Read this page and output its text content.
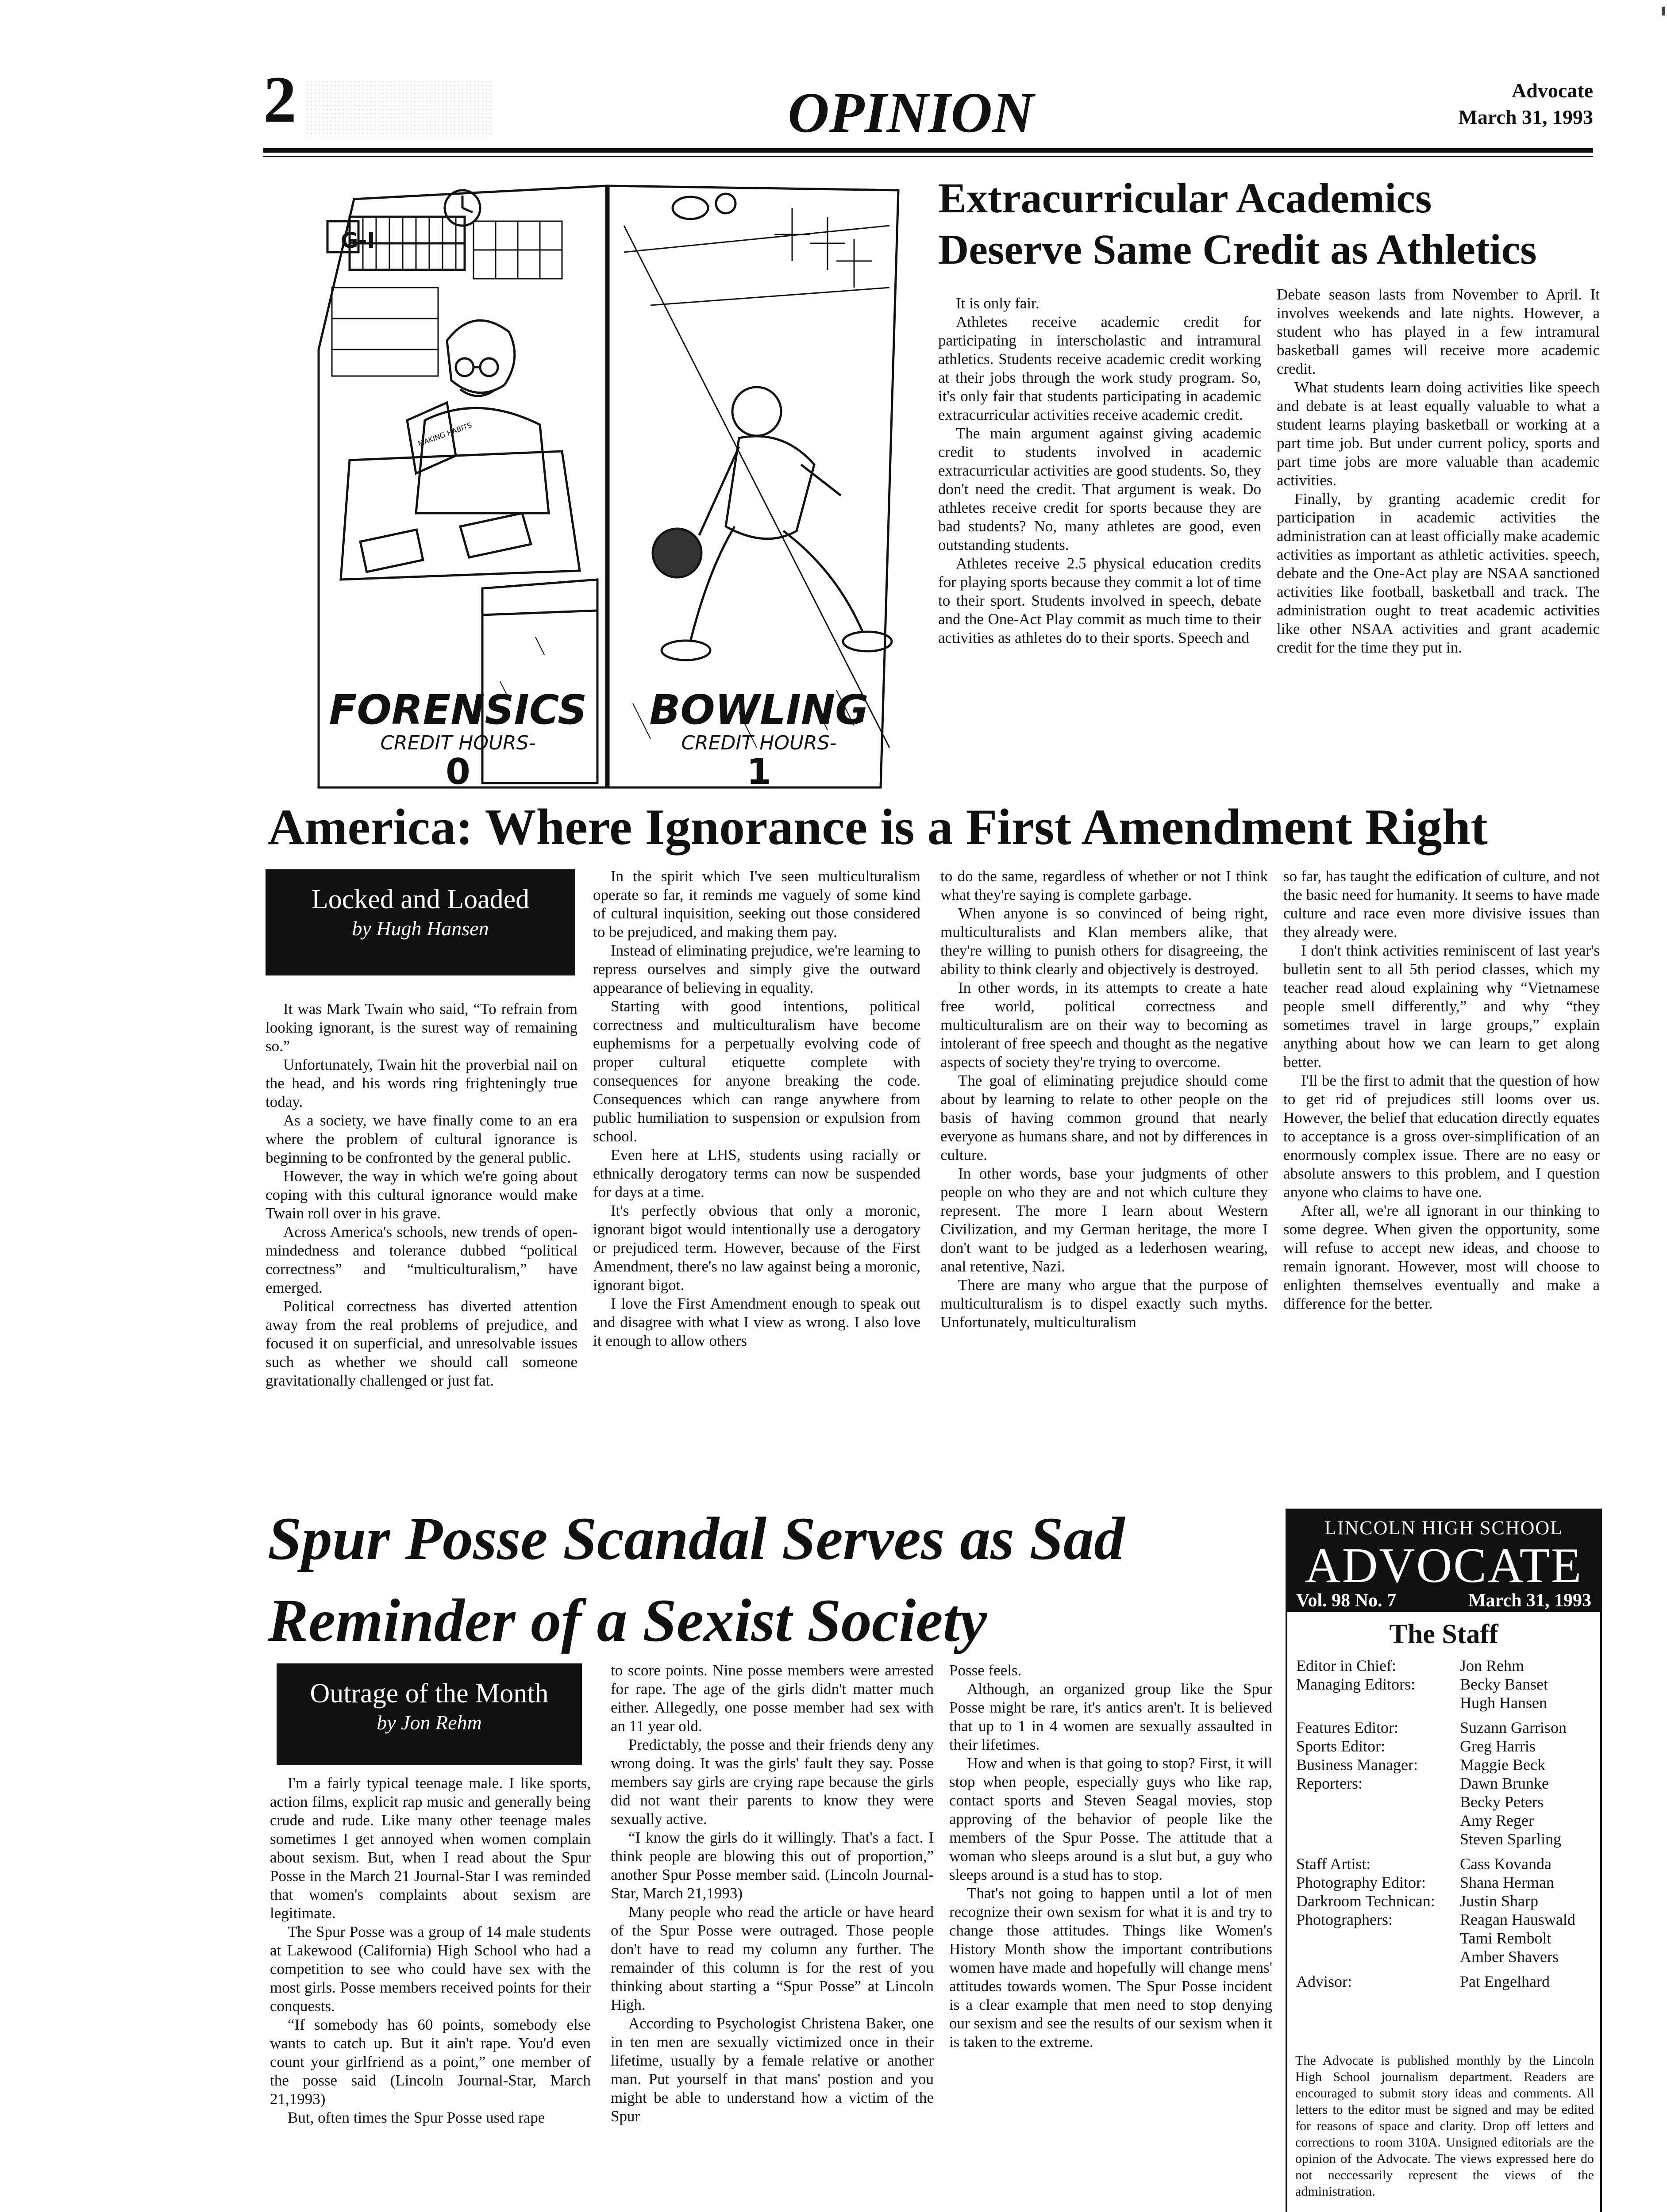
2	OPINION	Advocate
March 31, 1993
G-I
MAKING HABITS
FORENSICS
CREDIT HOURS-
0
BOWLING
CREDIT HOURS-
1
Extracurricular Academics
Deserve Same Credit as Athletics

It is only fair.

Athletes receive academic credit for participating in interscholastic and intramural athletics. Students receive academic credit working at their jobs through the work study program. So, it's only fair that students participating in academic extracurricular activities receive academic credit.

The main argument against giving academic credit to students involved in academic extracurricular activities are good students. So, they don't need the credit. That argument is weak. Do athletes receive credit for sports because they are bad students? No, many athletes are good, even outstanding students.

Athletes receive 2.5 physical education credits for playing sports because they commit a lot of time to their sport. Students involved in speech, debate and the One-Act Play commit as much time to their activities as athletes do to their sports. Speech and

Debate season lasts from November to April. It involves weekends and late nights. However, a student who has played in a few intramural basketball games will receive more academic credit.

What students learn doing activities like speech and debate is at least equally valuable to what a student learns playing basketball or working at a part time job. But under current policy, sports and part time jobs are more valuable than academic activities.

Finally, by granting academic credit for participation in academic activities the administration can at least officially make academic activities as important as athletic activities. speech, debate and the One-Act play are NSAA sanctioned activities like football, basketball and track. The administration ought to treat academic activities like other NSAA activities and grant academic credit for the time they put in.

America: Where Ignorance is a First Amendment Right
Locked and Loaded
by Hugh Hansen

It was Mark Twain who said, “To refrain from looking ignorant, is the surest way of remaining so.”

Unfortunately, Twain hit the proverbial nail on the head, and his words ring frighteningly true today.

As a society, we have finally come to an era where the problem of cultural ignorance is beginning to be confronted by the general public.

However, the way in which we're going about coping with this cultural ignorance would make Twain roll over in his grave.

Across America's schools, new trends of open-mindedness and tolerance dubbed “political correctness” and “multiculturalism,” have emerged.

Political correctness has diverted attention away from the real problems of prejudice, and focused it on superficial, and unresolvable issues such as whether we should call someone gravitationally challenged or just fat.

In the spirit which I've seen multiculturalism operate so far, it reminds me vaguely of some kind of cultural inquisition, seeking out those considered to be prejudiced, and making them pay.

Instead of eliminating prejudice, we're learning to repress ourselves and simply give the outward appearance of believing in equality.

Starting with good intentions, political correctness and multiculturalism have become euphemisms for a perpetually evolving code of proper cultural etiquette complete with consequences for anyone breaking the code. Consequences which can range anywhere from public humiliation to suspension or expulsion from school.

Even here at LHS, students using racially or ethnically derogatory terms can now be suspended for days at a time.

It's perfectly obvious that only a moronic, ignorant bigot would intentionally use a derogatory or prejudiced term. However, because of the First Amendment, there's no law against being a moronic, ignorant bigot.

I love the First Amendment enough to speak out and disagree with what I view as wrong. I also love it enough to allow others

to do the same, regardless of whether or not I think what they're saying is complete garbage.

When anyone is so convinced of being right, multiculturalists and Klan members alike, that they're willing to punish others for disagreeing, the ability to think clearly and objectively is destroyed.

In other words, in its attempts to create a hate free world, political correctness and multiculturalism are on their way to becoming as intolerant of free speech and thought as the negative aspects of society they're trying to overcome.

The goal of eliminating prejudice should come about by learning to relate to other people on the basis of having common ground that nearly everyone as humans share, and not by differences in culture.

In other words, base your judgments of other people on who they are and not which culture they represent. The more I learn about Western Civilization, and my German heritage, the more I don't want to be judged as a lederhosen wearing, anal retentive, Nazi.

There are many who argue that the purpose of multiculturalism is to dispel exactly such myths. Unfortunately, multiculturalism

so far, has taught the edification of culture, and not the basic need for humanity. It seems to have made culture and race even more divisive issues than they already were.

I don't think activities reminiscent of last year's bulletin sent to all 5th period classes, which my teacher read aloud explaining why “Vietnamese people smell differently,” and why “they sometimes travel in large groups,” explain anything about how we can learn to get along better.

I'll be the first to admit that the question of how to get rid of prejudices still looms over us. However, the belief that education directly equates to acceptance is a gross over-simplification of an enormously complex issue. There are no easy or absolute answers to this problem, and I question anyone who claims to have one.

After all, we're all ignorant in our thinking to some degree. When given the opportunity, some will refuse to accept new ideas, and choose to remain ignorant. However, most will choose to enlighten themselves eventually and make a difference for the better.

Spur Posse Scandal Serves as Sad
Reminder of a Sexist Society
Outrage of the Month
by Jon Rehm

I'm a fairly typical teenage male. I like sports, action films, explicit rap music and generally being crude and rude. Like many other teenage males sometimes I get annoyed when women complain about sexism. But, when I read about the Spur Posse in the March 21 Journal-Star I was reminded that women's complaints about sexism are legitimate.

The Spur Posse was a group of 14 male students at Lakewood (California) High School who had a competition to see who could have sex with the most girls. Posse members received points for their conquests.

“If somebody has 60 points, somebody else wants to catch up. But it ain't rape. You'd even count your girlfriend as a point,” one member of the posse said (Lincoln Journal-Star, March 21,1993)

But, often times the Spur Posse used rape

to score points. Nine posse members were arrested for rape. The age of the girls didn't matter much either. Allegedly, one posse member had sex with an 11 year old.

Predictably, the posse and their friends deny any wrong doing. It was the girls' fault they say. Posse members say girls are crying rape because the girls did not want their parents to know they were sexually active.

“I know the girls do it willingly. That's a fact. I think people are blowing this out of proportion,” another Spur Posse member said. (Lincoln Journal-Star, March 21,1993)

Many people who read the article or have heard of the Spur Posse were outraged. Those people don't have to read my column any further. The remainder of this column is for the rest of you thinking about starting a “Spur Posse” at Lincoln High.

According to Psychologist Christena Baker, one in ten men are sexually victimized once in their lifetime, usually by a female relative or another man. Put yourself in that mans' postion and you might be able to understand how a victim of the Spur

Posse feels.

Although, an organized group like the Spur Posse might be rare, it's antics aren't. It is believed that up to 1 in 4 women are sexually assaulted in their lifetimes.

How and when is that going to stop? First, it will stop when people, especially guys who like rap, contact sports and Steven Seagal movies, stop approving of the behavior of people like the members of the Spur Posse. The attitude that a woman who sleeps around is a slut but, a guy who sleeps around is a stud has to stop.

That's not going to happen until a lot of men recognize their own sexism for what it is and try to change those attitudes. Things like Women's History Month show the important contributions women have made and hopefully will change mens' attitudes towards women. The Spur Posse incident is a clear example that men need to stop denying our sexism and see the results of our sexism when it is taken to the extreme.

LINCOLN HIGH SCHOOL
ADVOCATE
Vol. 98 No. 7	March 31, 1993
The Staff
Editor in Chief:	Jon Rehm
Managing Editors:	Becky Banset
Hugh Hansen
Features Editor:	Suzann Garrison
Sports Editor:	Greg Harris
Business Manager:	Maggie Beck
Reporters:	Dawn Brunke
Becky Peters
Amy Reger
Steven Sparling
Staff Artist:	Cass Kovanda
Photography Editor:	Shana Herman
Darkroom Technican:	Justin Sharp
Photographers:	Reagan Hauswald
Tami Rembolt
Amber Shavers
Advisor:	Pat Engelhard
The Advocate is published monthly by the Lincoln High School journalism department. Readers are encouraged to submit story ideas and comments. All letters to the editor must be signed and may be edited for reasons of space and clarity. Drop off letters and corrections to room 310A. Unsigned editorials are the opinion of the Advocate. The views expressed here do not neccessarily represent the views of the administration.
